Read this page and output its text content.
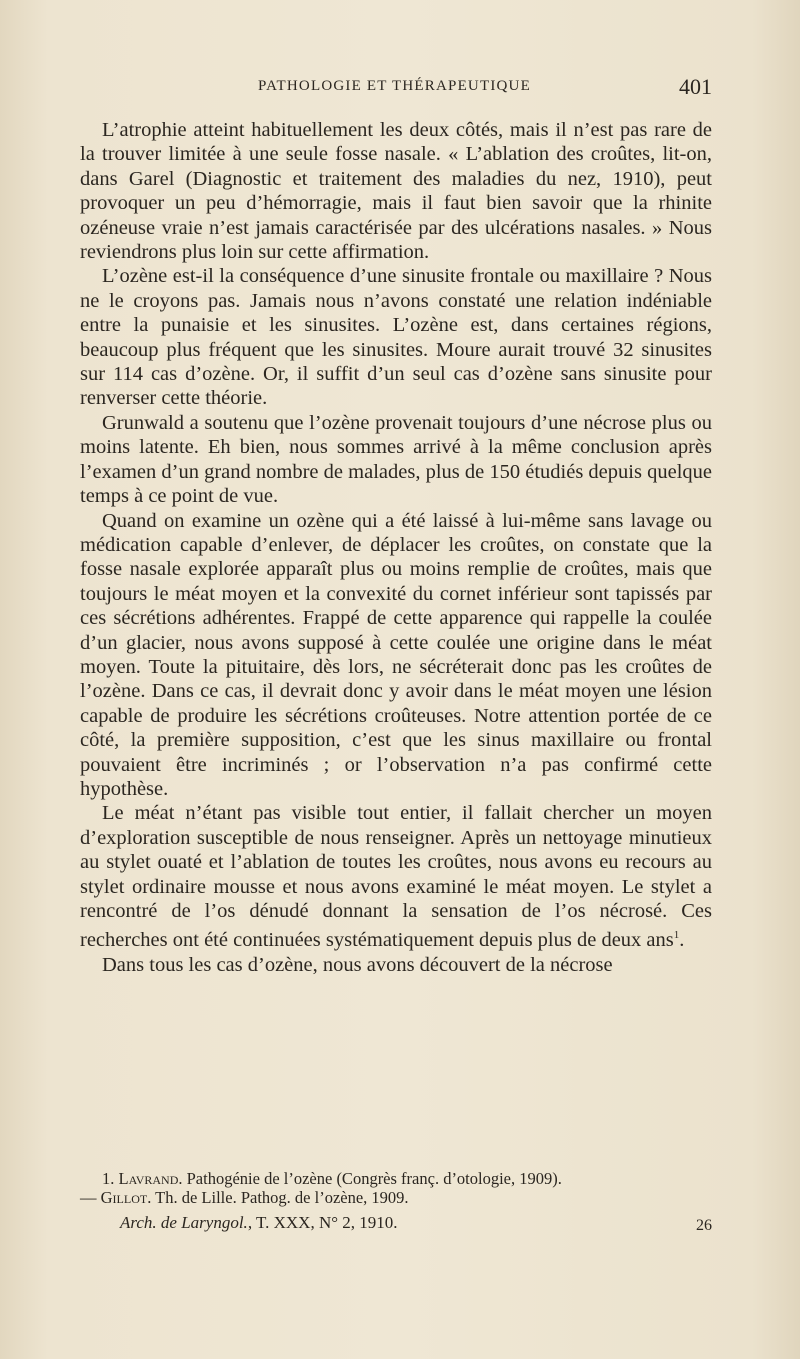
PATHOLOGIE ET THÉRAPEUTIQUE	401

L’atrophie atteint habituellement les deux côtés, mais il n’est pas rare de la trouver limitée à une seule fosse nasale. « L’ablation des croûtes, lit-on, dans Garel (Diagnostic et traitement des maladies du nez, 1910), peut provoquer un peu d’hémorragie, mais il faut bien savoir que la rhinite ozéneuse vraie n’est jamais caractérisée par des ulcérations nasales. » Nous reviendrons plus loin sur cette affirmation.

L’ozène est-il la conséquence d’une sinusite frontale ou maxillaire ? Nous ne le croyons pas. Jamais nous n’avons constaté une relation indéniable entre la punaisie et les sinusites. L’ozène est, dans certaines régions, beaucoup plus fréquent que les sinusites. Moure aurait trouvé 32 sinusites sur 114 cas d’ozène. Or, il suffit d’un seul cas d’ozène sans sinusite pour renverser cette théorie.

Grunwald a soutenu que l’ozène provenait toujours d’une nécrose plus ou moins latente. Eh bien, nous sommes arrivé à la même conclusion après l’examen d’un grand nombre de malades, plus de 150 étudiés depuis quelque temps à ce point de vue.

Quand on examine un ozène qui a été laissé à lui-même sans lavage ou médication capable d’enlever, de déplacer les croûtes, on constate que la fosse nasale explorée apparaît plus ou moins remplie de croûtes, mais que toujours le méat moyen et la convexité du cornet inférieur sont tapissés par ces sécrétions adhérentes. Frappé de cette apparence qui rappelle la coulée d’un glacier, nous avons supposé à cette coulée une origine dans le méat moyen. Toute la pituitaire, dès lors, ne sécréterait donc pas les croûtes de l’ozène. Dans ce cas, il devrait donc y avoir dans le méat moyen une lésion capable de produire les sécrétions croûteuses. Notre attention portée de ce côté, la première supposition, c’est que les sinus maxillaire ou frontal pouvaient être incriminés ; or l’observation n’a pas confirmé cette hypothèse.

Le méat n’étant pas visible tout entier, il fallait chercher un moyen d’exploration susceptible de nous renseigner. Après un nettoyage minutieux au stylet ouaté et l’ablation de toutes les croûtes, nous avons eu recours au stylet ordinaire mousse et nous avons examiné le méat moyen. Le stylet a rencontré de l’os dénudé donnant la sensation de l’os nécrosé. Ces recherches ont été continuées systématiquement depuis plus de deux ans$^1$.

Dans tous les cas d’ozène, nous avons découvert de la nécrose

1. Lavrand. Pathogénie de l’ozène (Congrès franç. d’otologie, 1909).
— Gillot. Th. de Lille. Pathog. de l’ozène, 1909.
Arch. de Laryngol., T. XXX, N° 2, 1910.	26
